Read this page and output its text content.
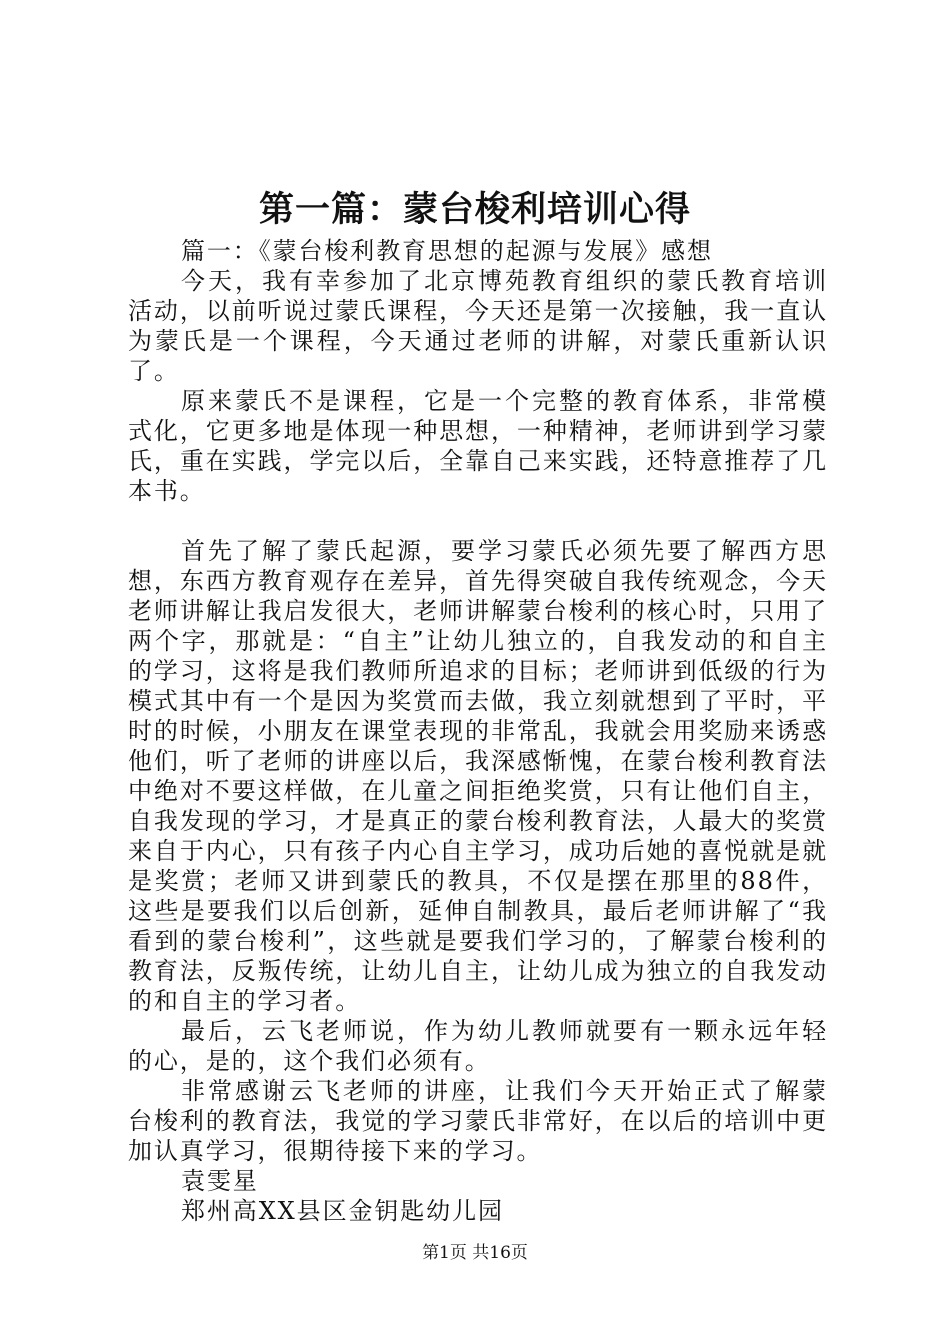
第一篇：蒙台梭利培训心得

篇一：《蒙台梭利教育思想的起源与发展》感想

今天，我有幸参加了北京博苑教育组织的蒙氏教育培训活动，以前听说过蒙氏课程，今天还是第一次接触，我一直认为蒙氏是一个课程，今天通过老师的讲解，对蒙氏重新认识了。

原来蒙氏不是课程，它是一个完整的教育体系，非常模式化，它更多地是体现一种思想，一种精神，老师讲到学习蒙氏，重在实践，学完以后，全靠自己来实践，还特意推荐了几本书。

首先了解了蒙氏起源，要学习蒙氏必须先要了解西方思想，东西方教育观存在差异，首先得突破自我传统观念，今天老师讲解让我启发很大，老师讲解蒙台梭利的核心时，只用了两个字，那就是：“自主”让幼儿独立的，自我发动的和自主的学习，这将是我们教师所追求的目标；老师讲到低级的行为模式其中有一个是因为奖赏而去做，我立刻就想到了平时，平时的时候，小朋友在课堂表现的非常乱，我就会用奖励来诱惑他们，听了老师的讲座以后，我深感惭愧，在蒙台梭利教育法中绝对不要这样做，在儿童之间拒绝奖赏，只有让他们自主，自我发现的学习，才是真正的蒙台梭利教育法，人最大的奖赏来自于内心，只有孩子内心自主学习，成功后她的喜悦就是就是奖赏；老师又讲到蒙氏的教具，不仅是摆在那里的88件，这些是要我们以后创新，延伸自制教具，最后老师讲解了“我看到的蒙台梭利”，这些就是要我们学习的，了解蒙台梭利的教育法，反叛传统，让幼儿自主，让幼儿成为独立的自我发动的和自主的学习者。

最后，云飞老师说，作为幼儿教师就要有一颗永远年轻的心，是的，这个我们必须有。

非常感谢云飞老师的讲座，让我们今天开始正式了解蒙台梭利的教育法，我觉的学习蒙氏非常好，在以后的培训中更加认真学习，很期待接下来的学习。

袁雯星

郑州高XX县区金钥匙幼儿园

第1页 共16页
